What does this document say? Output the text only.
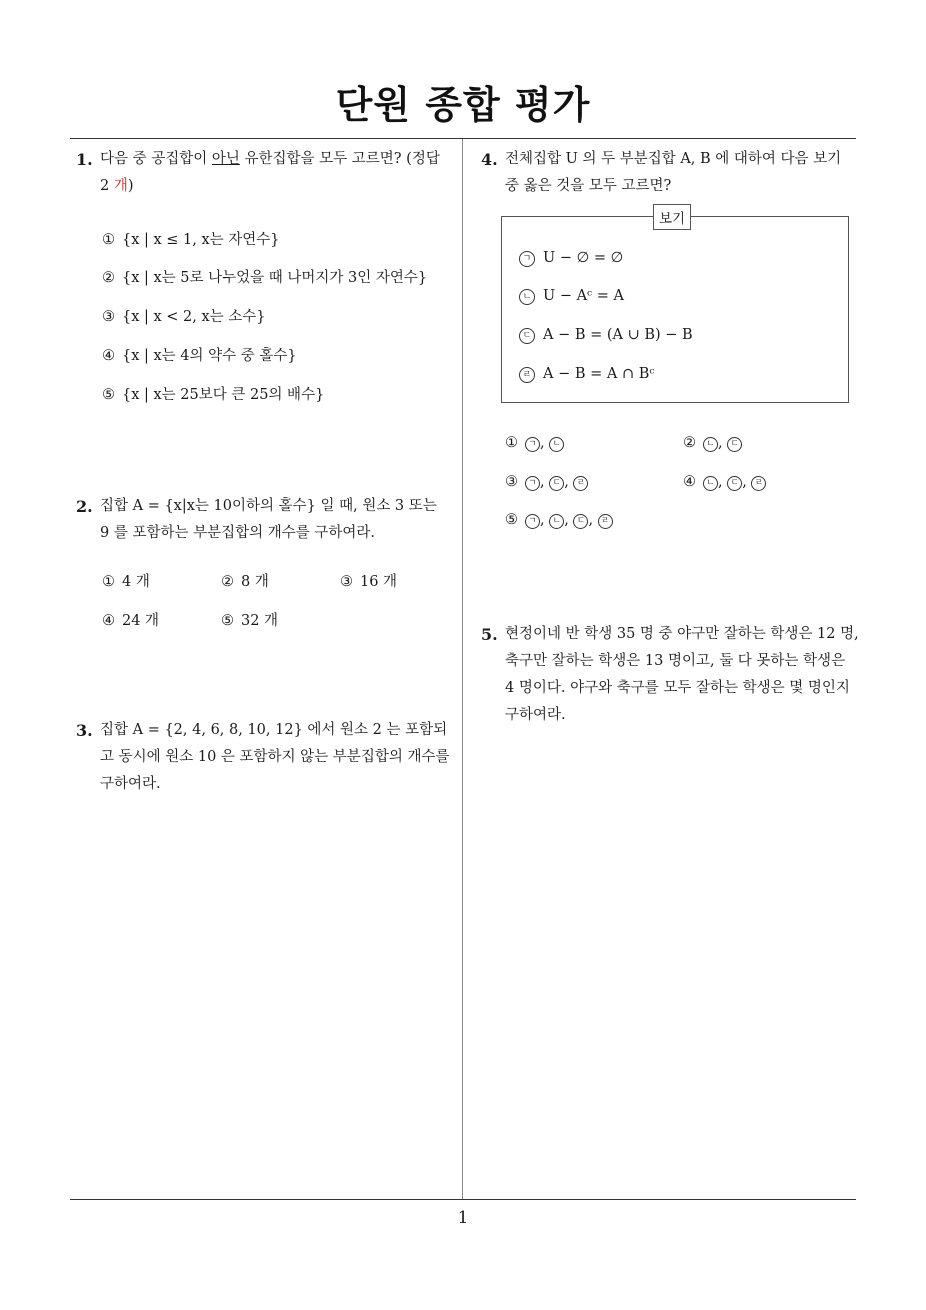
단원 종합 평가
1
1. 다음 중 공집합이 아닌 유한집합을 모두 고르면? (정답
2 개)
① {x | x ≤ 1, x는 자연수}
② {x | x는 5로 나누었을 때 나머지가 3인 자연수}
③ {x | x < 2, x는 소수}
④ {x | x는 4의 약수 중 홀수}
⑤ {x | x는 25보다 큰 25의 배수}
2. 집합 A = {x|x는 10이하의 홀수} 일 때, 원소 3 또는
9 를 포함하는 부분집합의 개수를 구하여라.
① 4 개	② 8 개	③ 16 개
④ 24 개	⑤ 32 개
3. 집합 A = {2, 4, 6, 8, 10, 12} 에서 원소 2 는 포함되
고 동시에 원소 10 은 포함하지 않는 부분집합의 개수를
구하여라.
4. 전체집합 U 의 두 부분집합 A, B 에 대하여 다음 보기
중 옳은 것을 모두 고르면?
보기
ㄱ U − ∅ = ∅
ㄴ U − Aᶜ = A
ㄷ A − B = (A ∪ B) − B
ㄹ A − B = A ∩ Bᶜ
① ㄱ , ㄴ	② ㄴ , ㄷ
③ ㄱ , ㄷ , ㄹ	④ ㄴ , ㄷ , ㄹ
⑤ ㄱ , ㄴ , ㄷ , ㄹ
5. 현정이네 반 학생 35 명 중 야구만 잘하는 학생은 12 명,
축구만 잘하는 학생은 13 명이고, 둘 다 못하는 학생은
4 명이다. 야구와 축구를 모두 잘하는 학생은 몇 명인지
구하여라.
